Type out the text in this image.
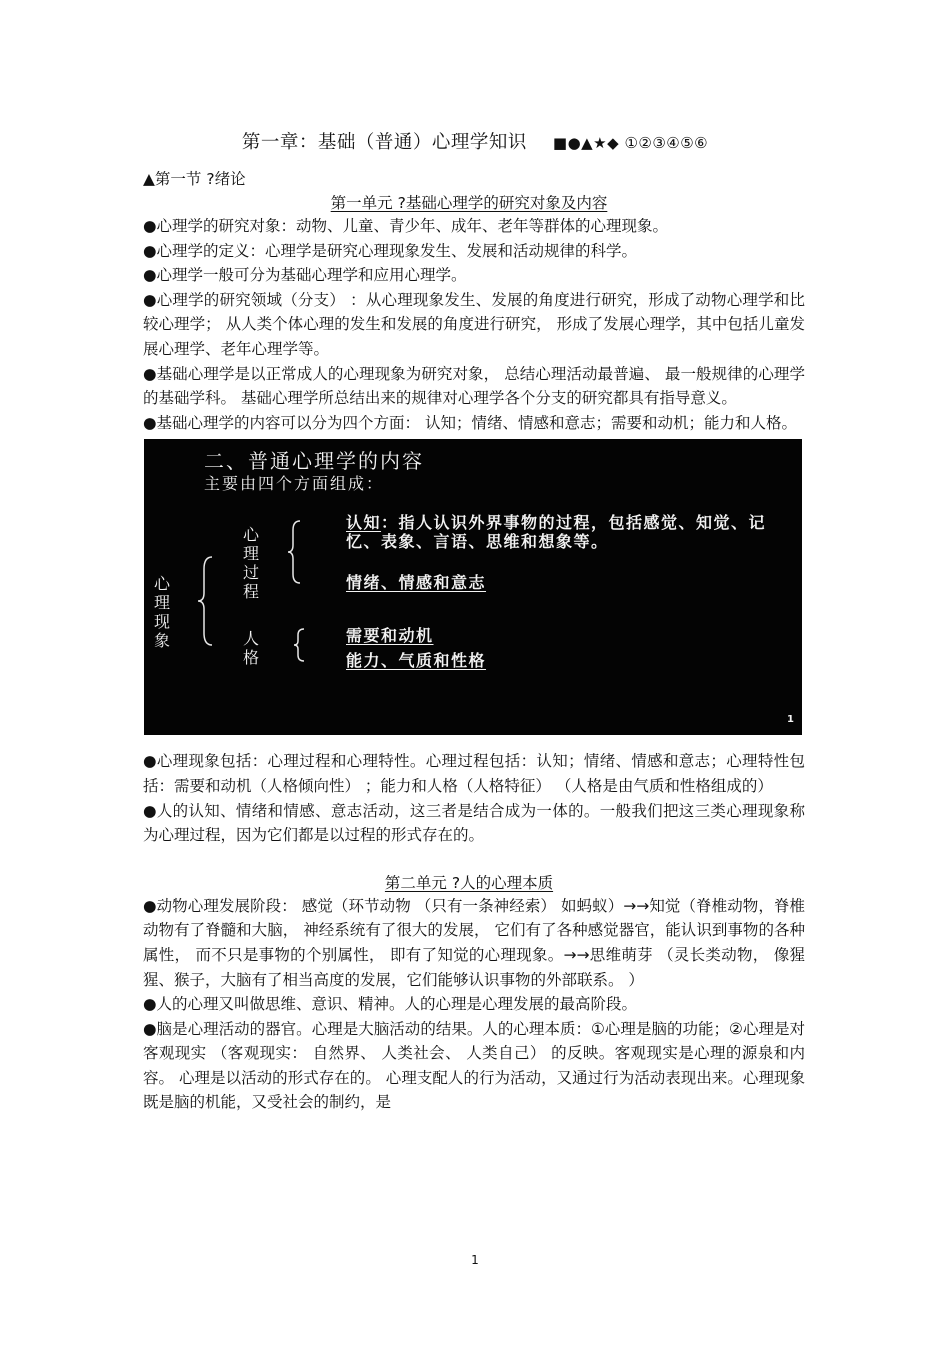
第一章：基础（普通）心理学知识 ■●▲★◆ ①②③④⑤⑥

▲第一节 ?绪论

第一单元 ?基础心理学的研究对象及内容

●心理学的研究对象：动物、儿童、青少年、成年、老年等群体的心理现象。

●心理学的定义：心理学是研究心理现象发生、发展和活动规律的科学。

●心理学一般可分为基础心理学和应用心理学。

●心理学的研究领域（分支） ：从心理现象发生、发展的角度进行研究，形成了动物心理学和比较心理学； 从人类个体心理的发生和发展的角度进行研究， 形成了发展心理学，其中包括儿童发展心理学、老年心理学等。

●基础心理学是以正常成人的心理现象为研究对象， 总结心理活动最普遍、 最一般规律的心理学的基础学科。 基础心理学所总结出来的规律对心理学各个分支的研究都具有指导意义。

●基础心理学的内容可以分为四个方面： 认知；情绪、情感和意志；需要和动机；能力和人格。

二、普通心理学的内容
主要由四个方面组成：
心理现象
心理过程
人格
认知：指人认识外界事物的过程，包括感觉、知觉、记忆、表象、言语、思维和想象等。
情绪、情感和意志
需要和动机
能力、气质和性格
1

●心理现象包括：心理过程和心理特性。心理过程包括：认知；情绪、情感和意志；心理特性包括：需要和动机（人格倾向性） ；能力和人格（人格特征） （人格是由气质和性格组成的）

●人的认知、情绪和情感、意志活动，这三者是结合成为一体的。一般我们把这三类心理现象称为心理过程，因为它们都是以过程的形式存在的。

第二单元 ?人的心理本质

●动物心理发展阶段： 感觉（环节动物 （只有一条神经索） 如蚂蚁）→→知觉（脊椎动物，脊椎动物有了脊髓和大脑， 神经系统有了很大的发展， 它们有了各种感觉器官，能认识到事物的各种属性， 而不只是事物的个别属性， 即有了知觉的心理现象。→→思维萌芽 （灵长类动物， 像猩猩、猴子，大脑有了相当高度的发展，它们能够认识事物的外部联系。 ）

●人的心理又叫做思维、意识、精神。人的心理是心理发展的最高阶段。

●脑是心理活动的器官。心理是大脑活动的结果。人的心理本质：①心理是脑的功能；②心理是对客观现实 （客观现实： 自然界、 人类社会、 人类自己） 的反映。客观现实是心理的源泉和内容。 心理是以活动的形式存在的。 心理支配人的行为活动，又通过行为活动表现出来。心理现象既是脑的机能，又受社会的制约，是

1
